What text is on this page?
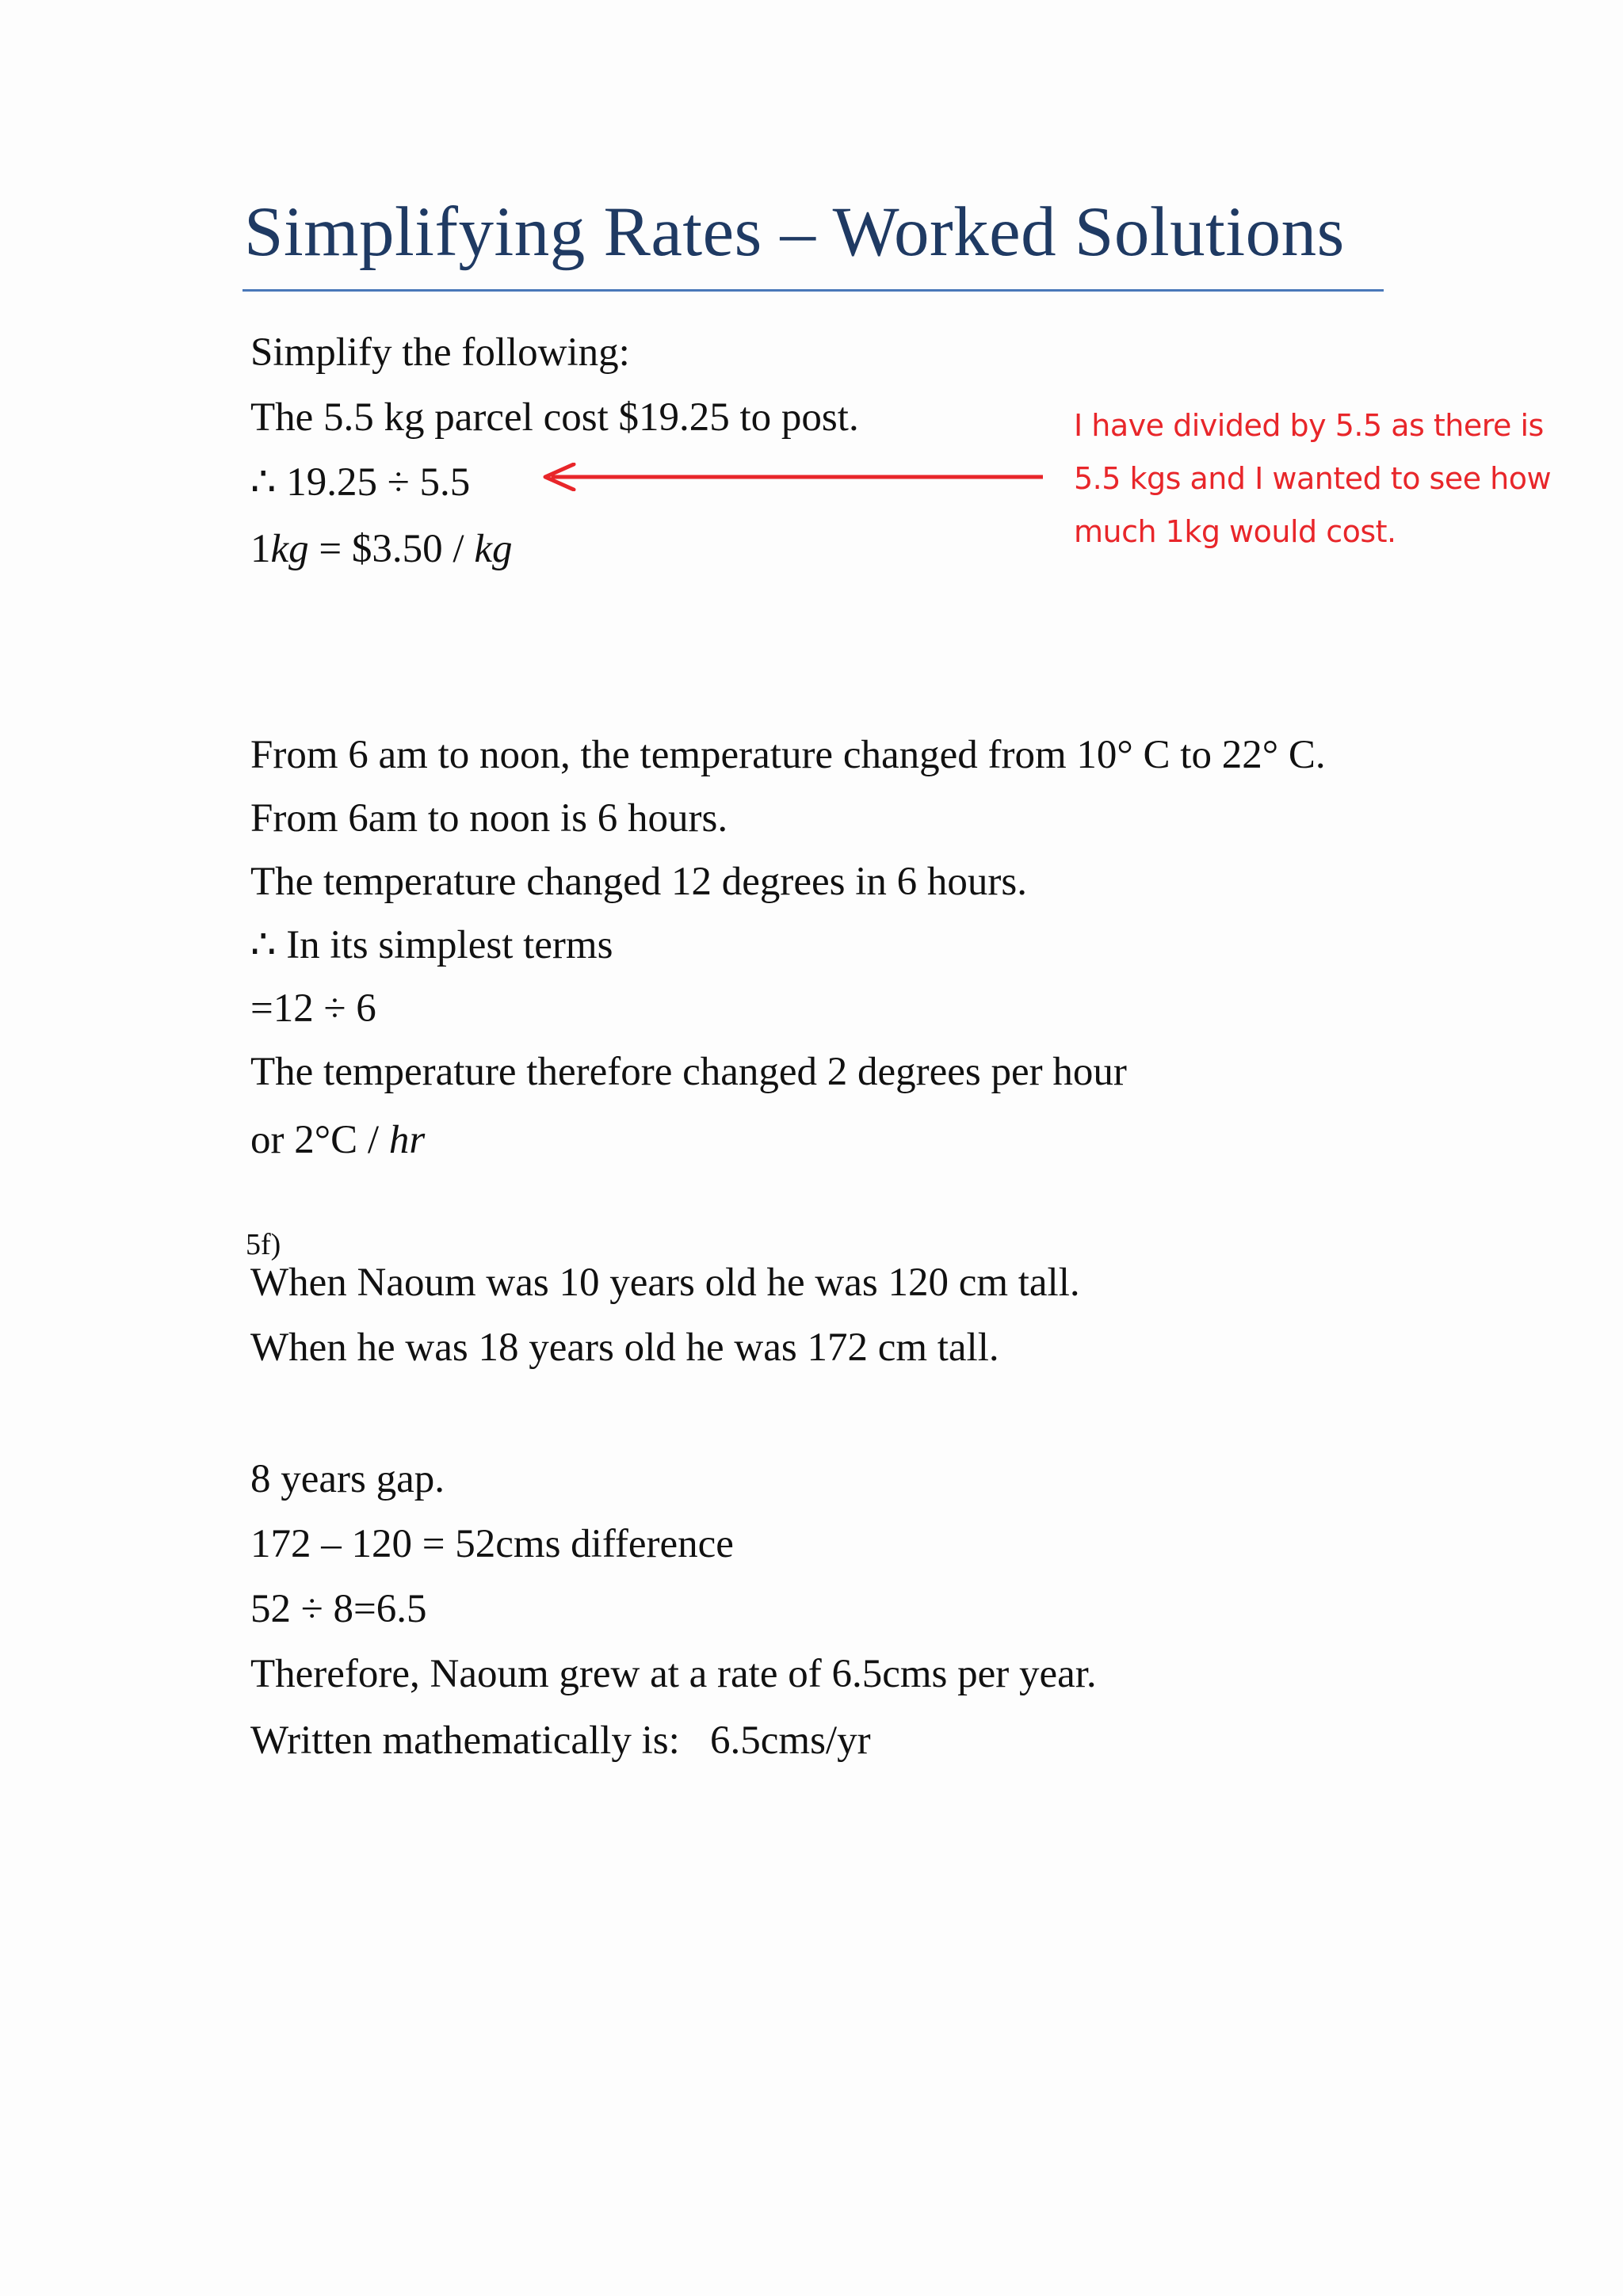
Simplifying Rates – Worked Solutions
Simplify the following:
The 5.5 kg parcel cost $19.25 to post.
∴ 19.25 ÷ 5.5
1kg = $3.50 / kg
I have divided by 5.5 as there is
5.5 kgs and I wanted to see how
much 1kg would cost.
From 6 am to noon, the temperature changed from 10° C to 22° C.
From 6am to noon is 6 hours.
The temperature changed 12 degrees in 6 hours.
∴ In its simplest terms
=12 ÷ 6
The temperature therefore changed 2 degrees per hour
or 2°C / hr
5f)
When Naoum was 10 years old he was 120 cm tall.
When he was 18 years old he was 172 cm tall.
8 years gap.
172 – 120 = 52cms difference
52 ÷ 8=6.5
Therefore, Naoum grew at a rate of 6.5cms per year.
Written mathematically is:   6.5cms/yr
